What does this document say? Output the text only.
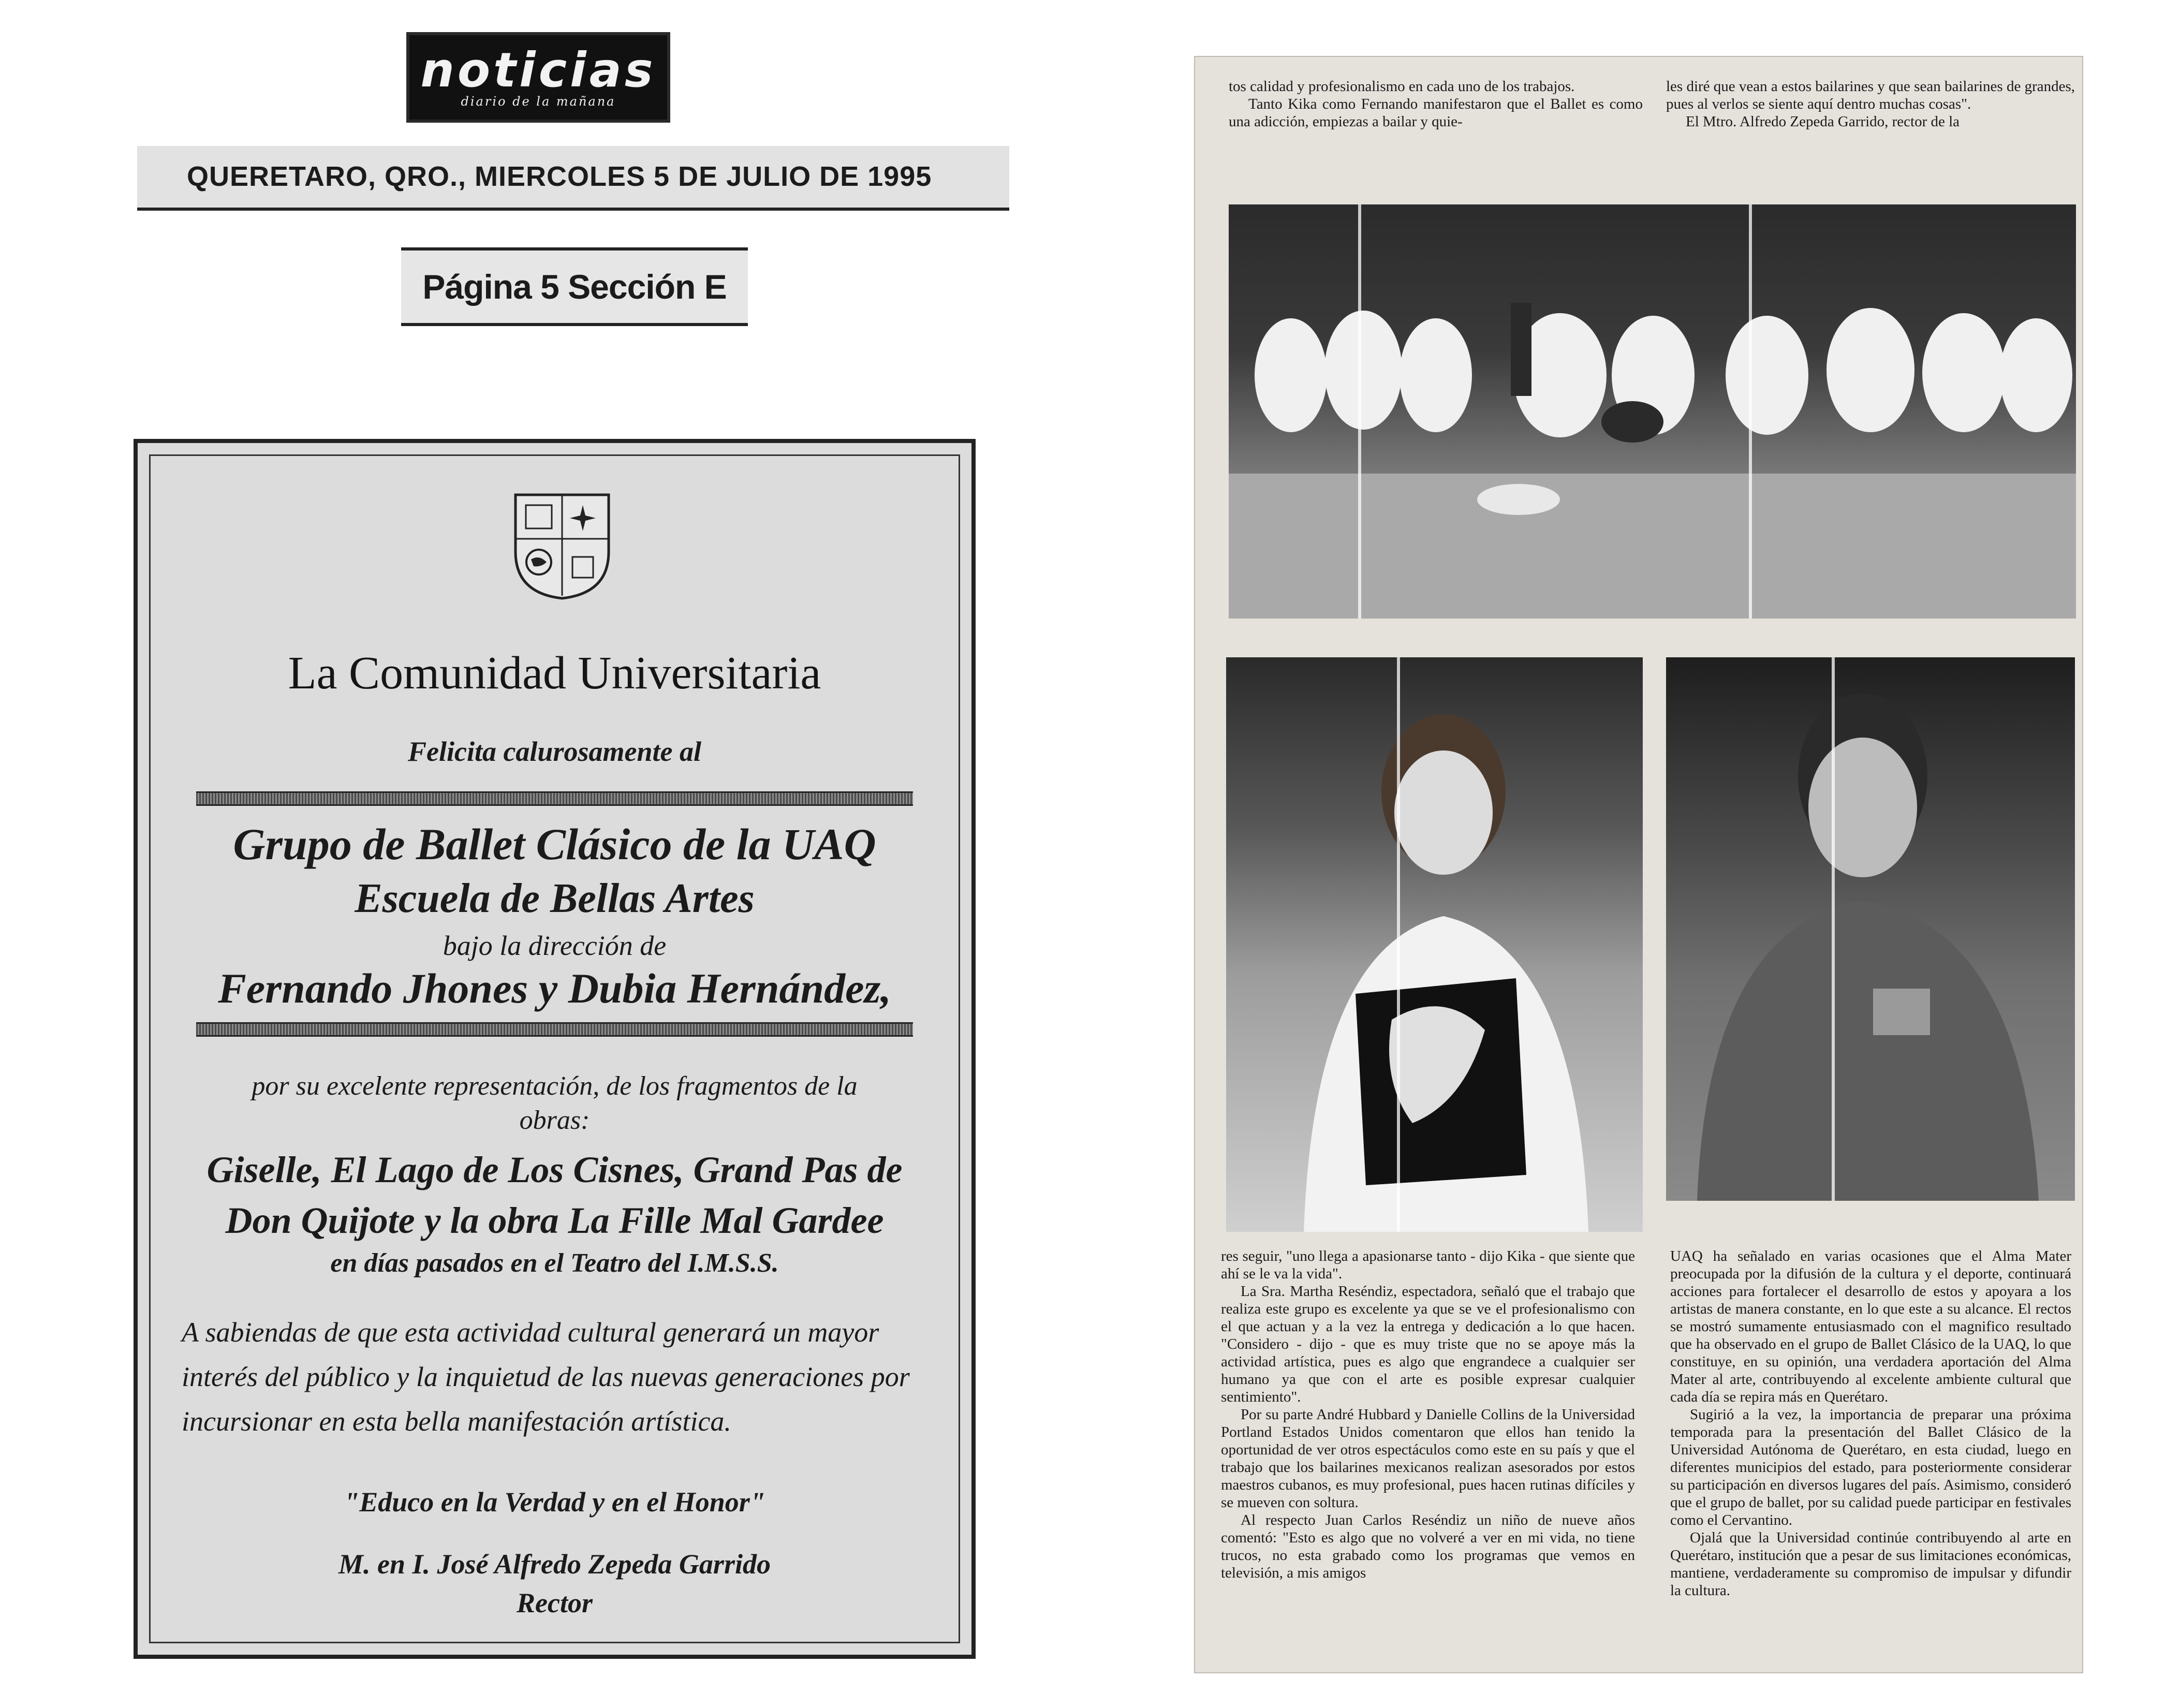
noticias
diario de la mañana
QUERETARO, QRO., MIERCOLES 5 DE JULIO DE 1995
Página 5 Sección E
La Comunidad Universitaria
Felicita calurosamente al
Grupo de Ballet Clásico de la UAQ
Escuela de Bellas Artes
bajo la dirección de
Fernando Jhones y Dubia Hernández,
por su excelente representación, de los fragmentos de la obras:
Giselle, El Lago de Los Cisnes, Grand Pas de
Don Quijote y la obra La Fille Mal Gardee
en días pasados en el Teatro del I.M.S.S.
A sabiendas de que esta actividad cultural generará un mayor interés del público y la inquietud de las nuevas generaciones por incursionar en esta bella manifestación artística.
"Educo en la Verdad y en el Honor"
M. en I. José Alfredo Zepeda Garrido
Rector

tos calidad y profesionalismo en cada uno de los trabajos.

Tanto Kika como Fernando manifestaron que el Ballet es como una adicción, empiezas a bailar y quie-

les diré que vean a estos bailarines y que sean bailarines de grandes, pues al verlos se siente aquí dentro muchas cosas".

El Mtro. Alfredo Zepeda Garrido, rector de la

res seguir, "uno llega a apasionarse tanto - dijo Kika - que siente que ahí se le va la vida".

La Sra. Martha Reséndiz, espectadora, señaló que el trabajo que realiza este grupo es excelente ya que se ve el profesionalismo con el que actuan y a la vez la entrega y dedicación a lo que hacen. "Considero - dijo - que es muy triste que no se apoye más la actividad artística, pues es algo que engrandece a cualquier ser humano ya que con el arte es posible expresar cualquier sentimiento".

Por su parte André Hubbard y Danielle Collins de la Universidad Portland Estados Unidos comentaron que ellos han tenido la oportunidad de ver otros espectáculos como este en su país y que el trabajo que los bailarines mexicanos realizan asesorados por estos maestros cubanos, es muy profesional, pues hacen rutinas difíciles y se mueven con soltura.

Al respecto Juan Carlos Reséndiz un niño de nueve años comentó: "Esto es algo que no volveré a ver en mi vida, no tiene trucos, no esta grabado como los programas que vemos en televisión, a mis amigos

UAQ ha señalado en varias ocasiones que el Alma Mater preocupada por la difusión de la cultura y el deporte, continuará acciones para fortalecer el desarrollo de estos y apoyara a los artistas de manera constante, en lo que este a su alcance. El rectos se mostró sumamente entusiasmado con el magnifico resultado que ha observado en el grupo de Ballet Clásico de la UAQ, lo que constituye, en su opinión, una verdadera aportación del Alma Mater al arte, contribuyendo al excelente ambiente cultural que cada día se repira más en Querétaro.

Sugirió a la vez, la importancia de preparar una próxima temporada para la presentación del Ballet Clásico de la Universidad Autónoma de Querétaro, en esta ciudad, luego en diferentes municipios del estado, para posteriormente considerar su participación en diversos lugares del país. Asimismo, consideró que el grupo de ballet, por su calidad puede participar en festivales como el Cervantino.

Ojalá que la Universidad continúe contribuyendo al arte en Querétaro, institución que a pesar de sus limitaciones económicas, mantiene, verdaderamente su compromiso de impulsar y difundir la cultura.
